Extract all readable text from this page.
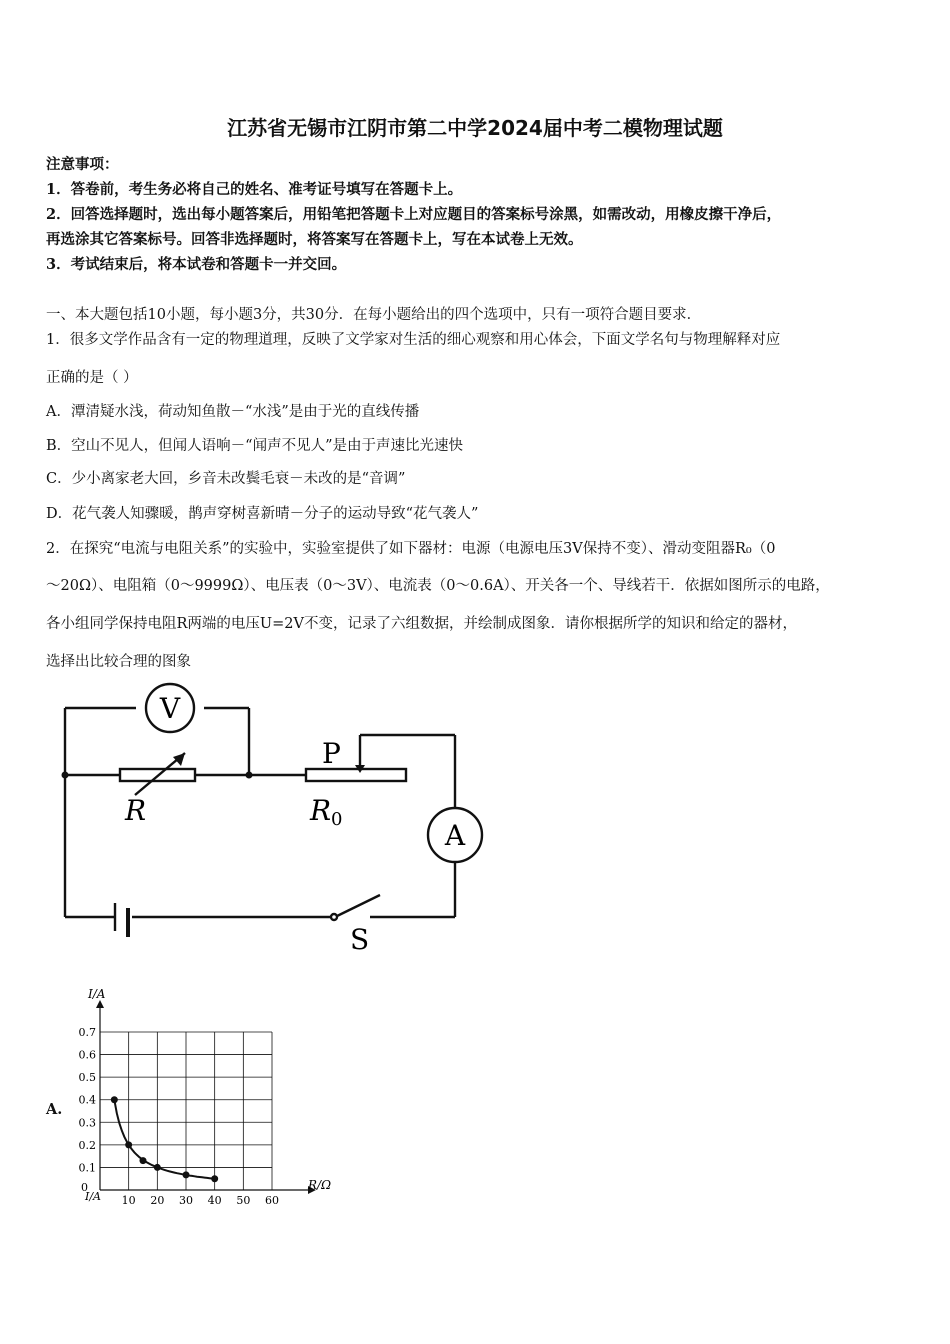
江苏省无锡市江阴市第二中学2024届中考二模物理试题
注意事项：
1．答卷前，考生务必将自己的姓名、准考证号填写在答题卡上。
2．回答选择题时，选出每小题答案后，用铅笔把答题卡上对应题目的答案标号涂黑，如需改动，用橡皮擦干净后，
再选涂其它答案标号。回答非选择题时，将答案写在答题卡上，写在本试卷上无效。
3．考试结束后，将本试卷和答题卡一并交回。
一、本大题包括10小题，每小题3分，共30分．在每小题给出的四个选项中，只有一项符合题目要求．
1．很多文学作品含有一定的物理道理，反映了文学家对生活的细心观察和用心体会，下面文学名句与物理解释对应
正确的是（ ）
A．潭清疑水浅，荷动知鱼散－“水浅”是由于光的直线传播
B．空山不见人，但闻人语响－“闻声不见人”是由于声速比光速快
C．少小离家老大回，乡音未改鬓毛衰－未改的是“音调”
D．花气袭人知骤暖，鹊声穿树喜新晴－分子的运动导致“花气袭人”
2．在探究“电流与电阻关系”的实验中，实验室提供了如下器材：电源（电源电压3V保持不变）、滑动变阻器R₀（0
～20Ω）、电阻箱（0～9999Ω）、电压表（0～3V）、电流表（0～0.6A）、开关各一个、导线若干．依据如图所示的电路，
各小组同学保持电阻R两端的电压U=2V不变，记录了六组数据，并绘制成图象．请你根据所学的知识和给定的器材，
选择出比较合理的图象
V
A
P
R	R 0
S
A.
0.1
0.2
0.3
0.4
0.5
0.6
0.7
10 20 30 40 50 60
I/A
R/Ω
0
I/A
